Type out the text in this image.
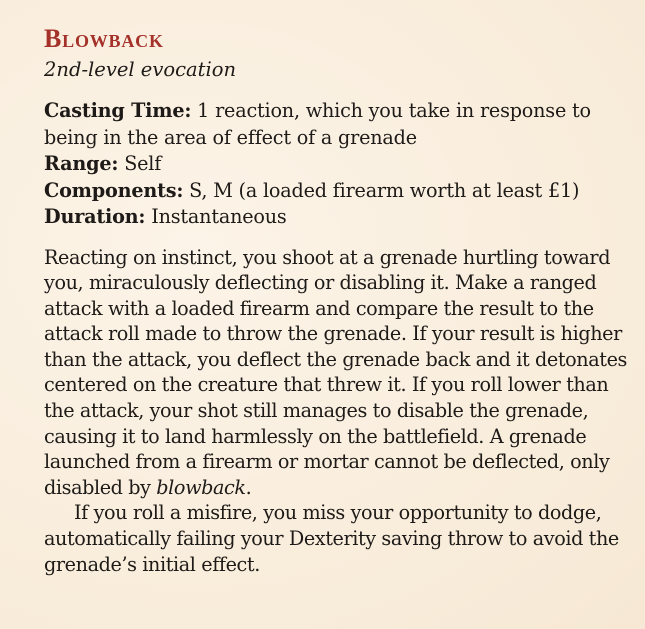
Blowback
2nd-level evocation

Casting Time: 1 reaction, which you take in response to being in the area of effect of a grenade

Range: Self

Components: S, M (a loaded firearm worth at least £1)

Duration: Instantaneous

Reacting on instinct, you shoot at a grenade hurtling toward you, miraculously deflecting or disabling it. Make a ranged attack with a loaded firearm and compare the result to the attack roll made to throw the grenade. If your result is higher than the attack, you deflect the grenade back and it detonates centered on the creature that threw it. If you roll lower than the attack, your shot still manages to disable the grenade, causing it to land harmlessly on the battlefield. A grenade launched from a firearm or mortar cannot be deflected, only disabled by blowback.

If you roll a misfire, you miss your opportunity to dodge, automatically failing your Dexterity saving throw to avoid the grenade’s initial effect.
